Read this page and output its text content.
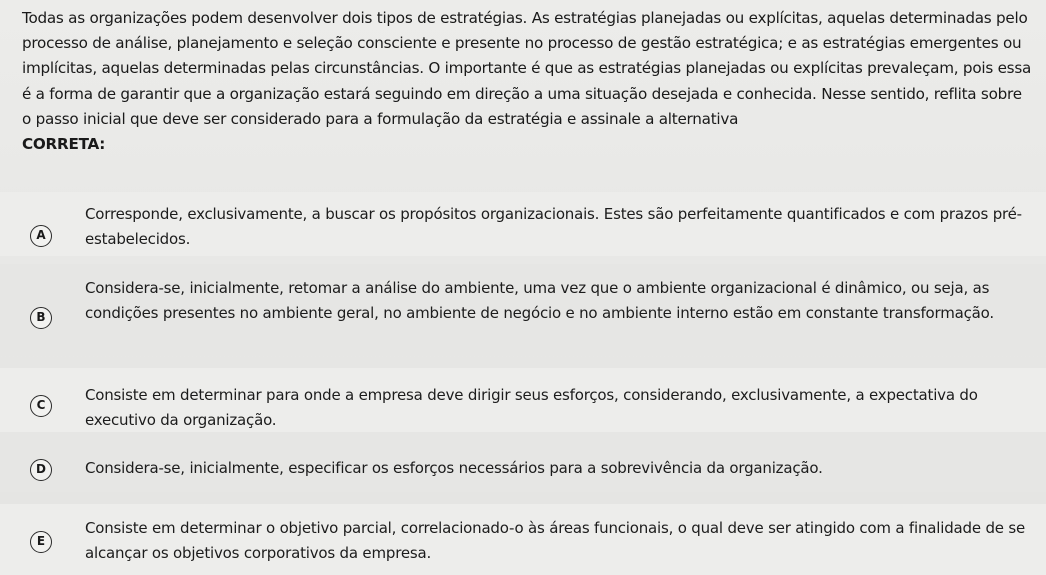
Todas as organizações podem desenvolver dois tipos de estratégias. As estratégias planejadas ou explícitas, aquelas determinadas pelo processo de análise, planejamento e seleção consciente e presente no processo de gestão estratégica; e as estratégias emergentes ou implícitas, aquelas determinadas pelas circunstâncias. O importante é que as estratégias planejadas ou explícitas prevaleçam, pois essa é a forma de garantir que a organização estará seguindo em direção a uma situação desejada e conhecida. Nesse sentido, reflita sobre o passo inicial que deve ser considerado para a formulação da estratégia e assinale a alternativa
CORRETA:
A
Corresponde, exclusivamente, a buscar os propósitos organizacionais. Estes são perfeitamente quantificados e com prazos pré-estabelecidos.
B
Considera-se, inicialmente, retomar a análise do ambiente, uma vez que o ambiente organizacional é dinâmico, ou seja, as condições presentes no ambiente geral, no ambiente de negócio e no ambiente interno estão em constante transformação.
C
Consiste em determinar para onde a empresa deve dirigir seus esforços, considerando, exclusivamente, a expectativa do executivo da organização.
D	Considera-se, inicialmente, especificar os esforços necessários para a sobrevivência da organização.
E
Consiste em determinar o objetivo parcial, correlacionado-o às áreas funcionais, o qual deve ser atingido com a finalidade de se alcançar os objetivos corporativos da empresa.
